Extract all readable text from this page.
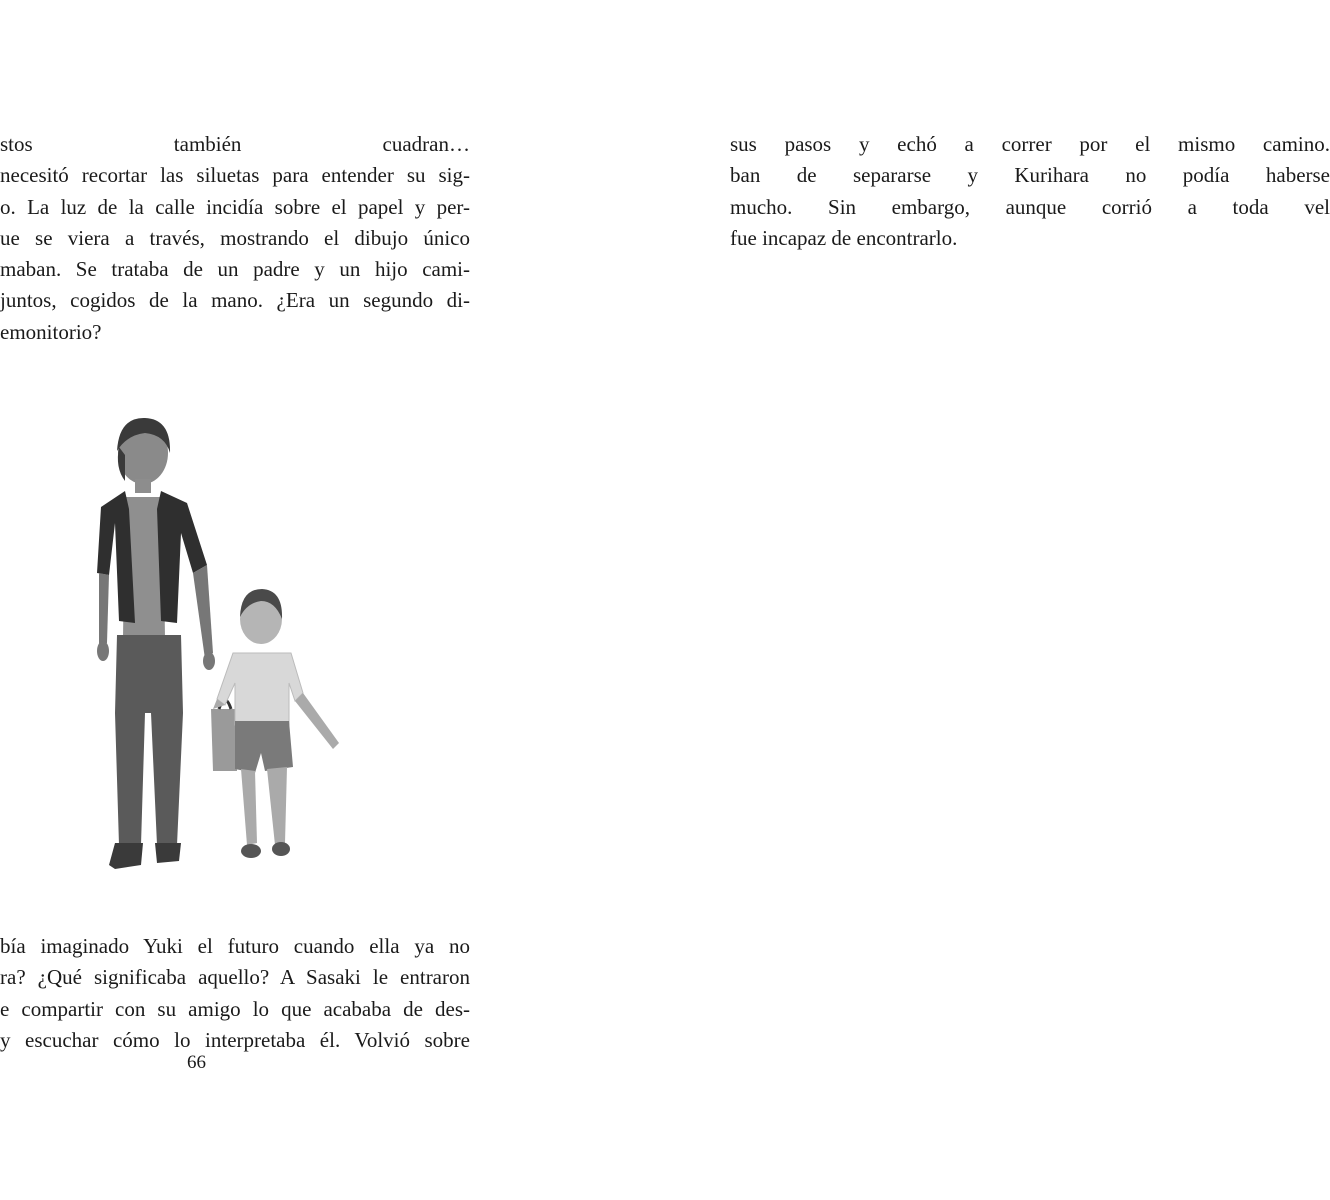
stos también cuadran…
necesitó recortar las siluetas para entender su sig-
o. La luz de la calle incidía sobre el papel y per-
ue se viera a través, mostrando el dibujo único
maban. Se trataba de un padre y un hijo cami-
juntos, cogidos de la mano. ¿Era un segundo di-
emonitorio?
bía imaginado Yuki el futuro cuando ella ya no
ra? ¿Qué significaba aquello? A Sasaki le entraron
e compartir con su amigo lo que acababa de des-
y escuchar cómo lo interpretaba él. Volvió sobre
66
sus pasos y echó a correr por el mismo camino.
ban de separarse y Kurihara no podía haberse
mucho. Sin embargo, aunque corrió a toda vel
fue incapaz de encontrarlo.
